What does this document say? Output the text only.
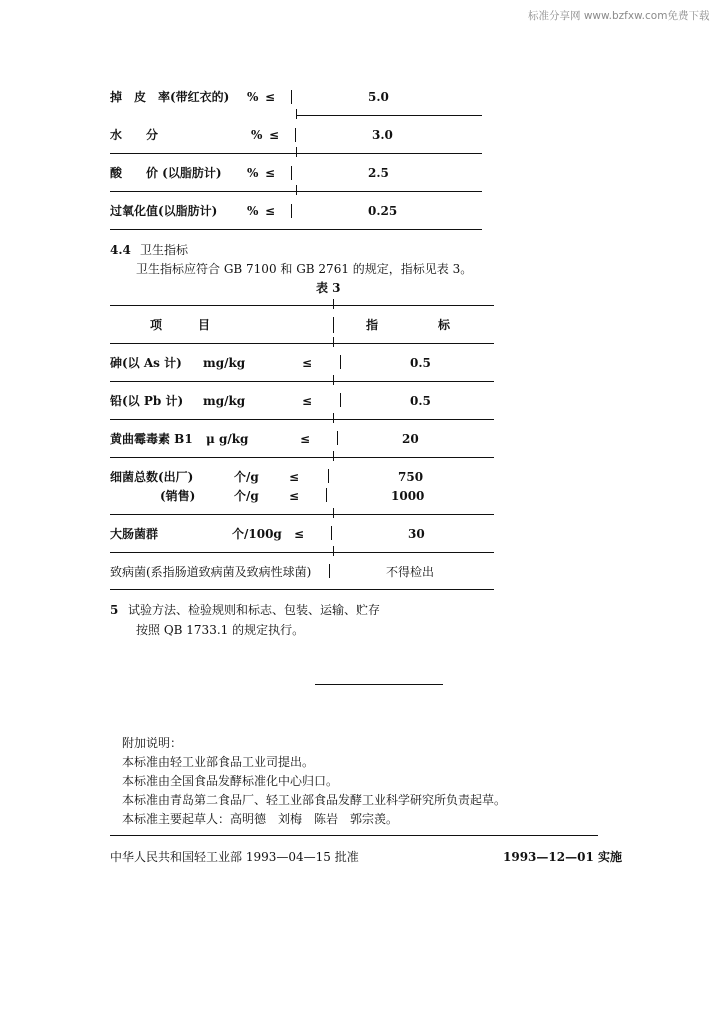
标准分享网 www.bzfxw.com免费下载
掉　皮　率(带红衣的) % ≤	5.0
水　　分	% ≤	3.0
酸　　价 (以脂肪计) % ≤	2.5
过氧化值(以脂肪计) % ≤	0.25
4.4 卫生指标
卫生指标应符合 GB 7100 和 GB 2761 的规定，指标见表 3。
表 3
项　　　目	指　　　　　标
砷(以 As 计) mg/kg	≤	0.5
铅(以 Pb 计) mg/kg	≤	0.5
黄曲霉毒素 B1 μ g/kg	≤	20
细菌总数(出厂)	个/g	≤	750
(销售)	个/g	≤	1000
大肠菌群	个/100g ≤	30
致病菌(系指肠道致病菌及致病性球菌)	不得检出
5 试验方法、检验规则和标志、包装、运输、贮存
按照 QB 1733.1 的规定执行。
附加说明：
本标准由轻工业部食品工业司提出。
本标准由全国食品发酵标准化中心归口。
本标准由青岛第二食品厂、轻工业部食品发酵工业科学研究所负责起草。
本标准主要起草人：高明德　刘梅　陈岩　郭宗羡。
中华人民共和国轻工业部 1993—04—15 批准	1993—12—01 实施
